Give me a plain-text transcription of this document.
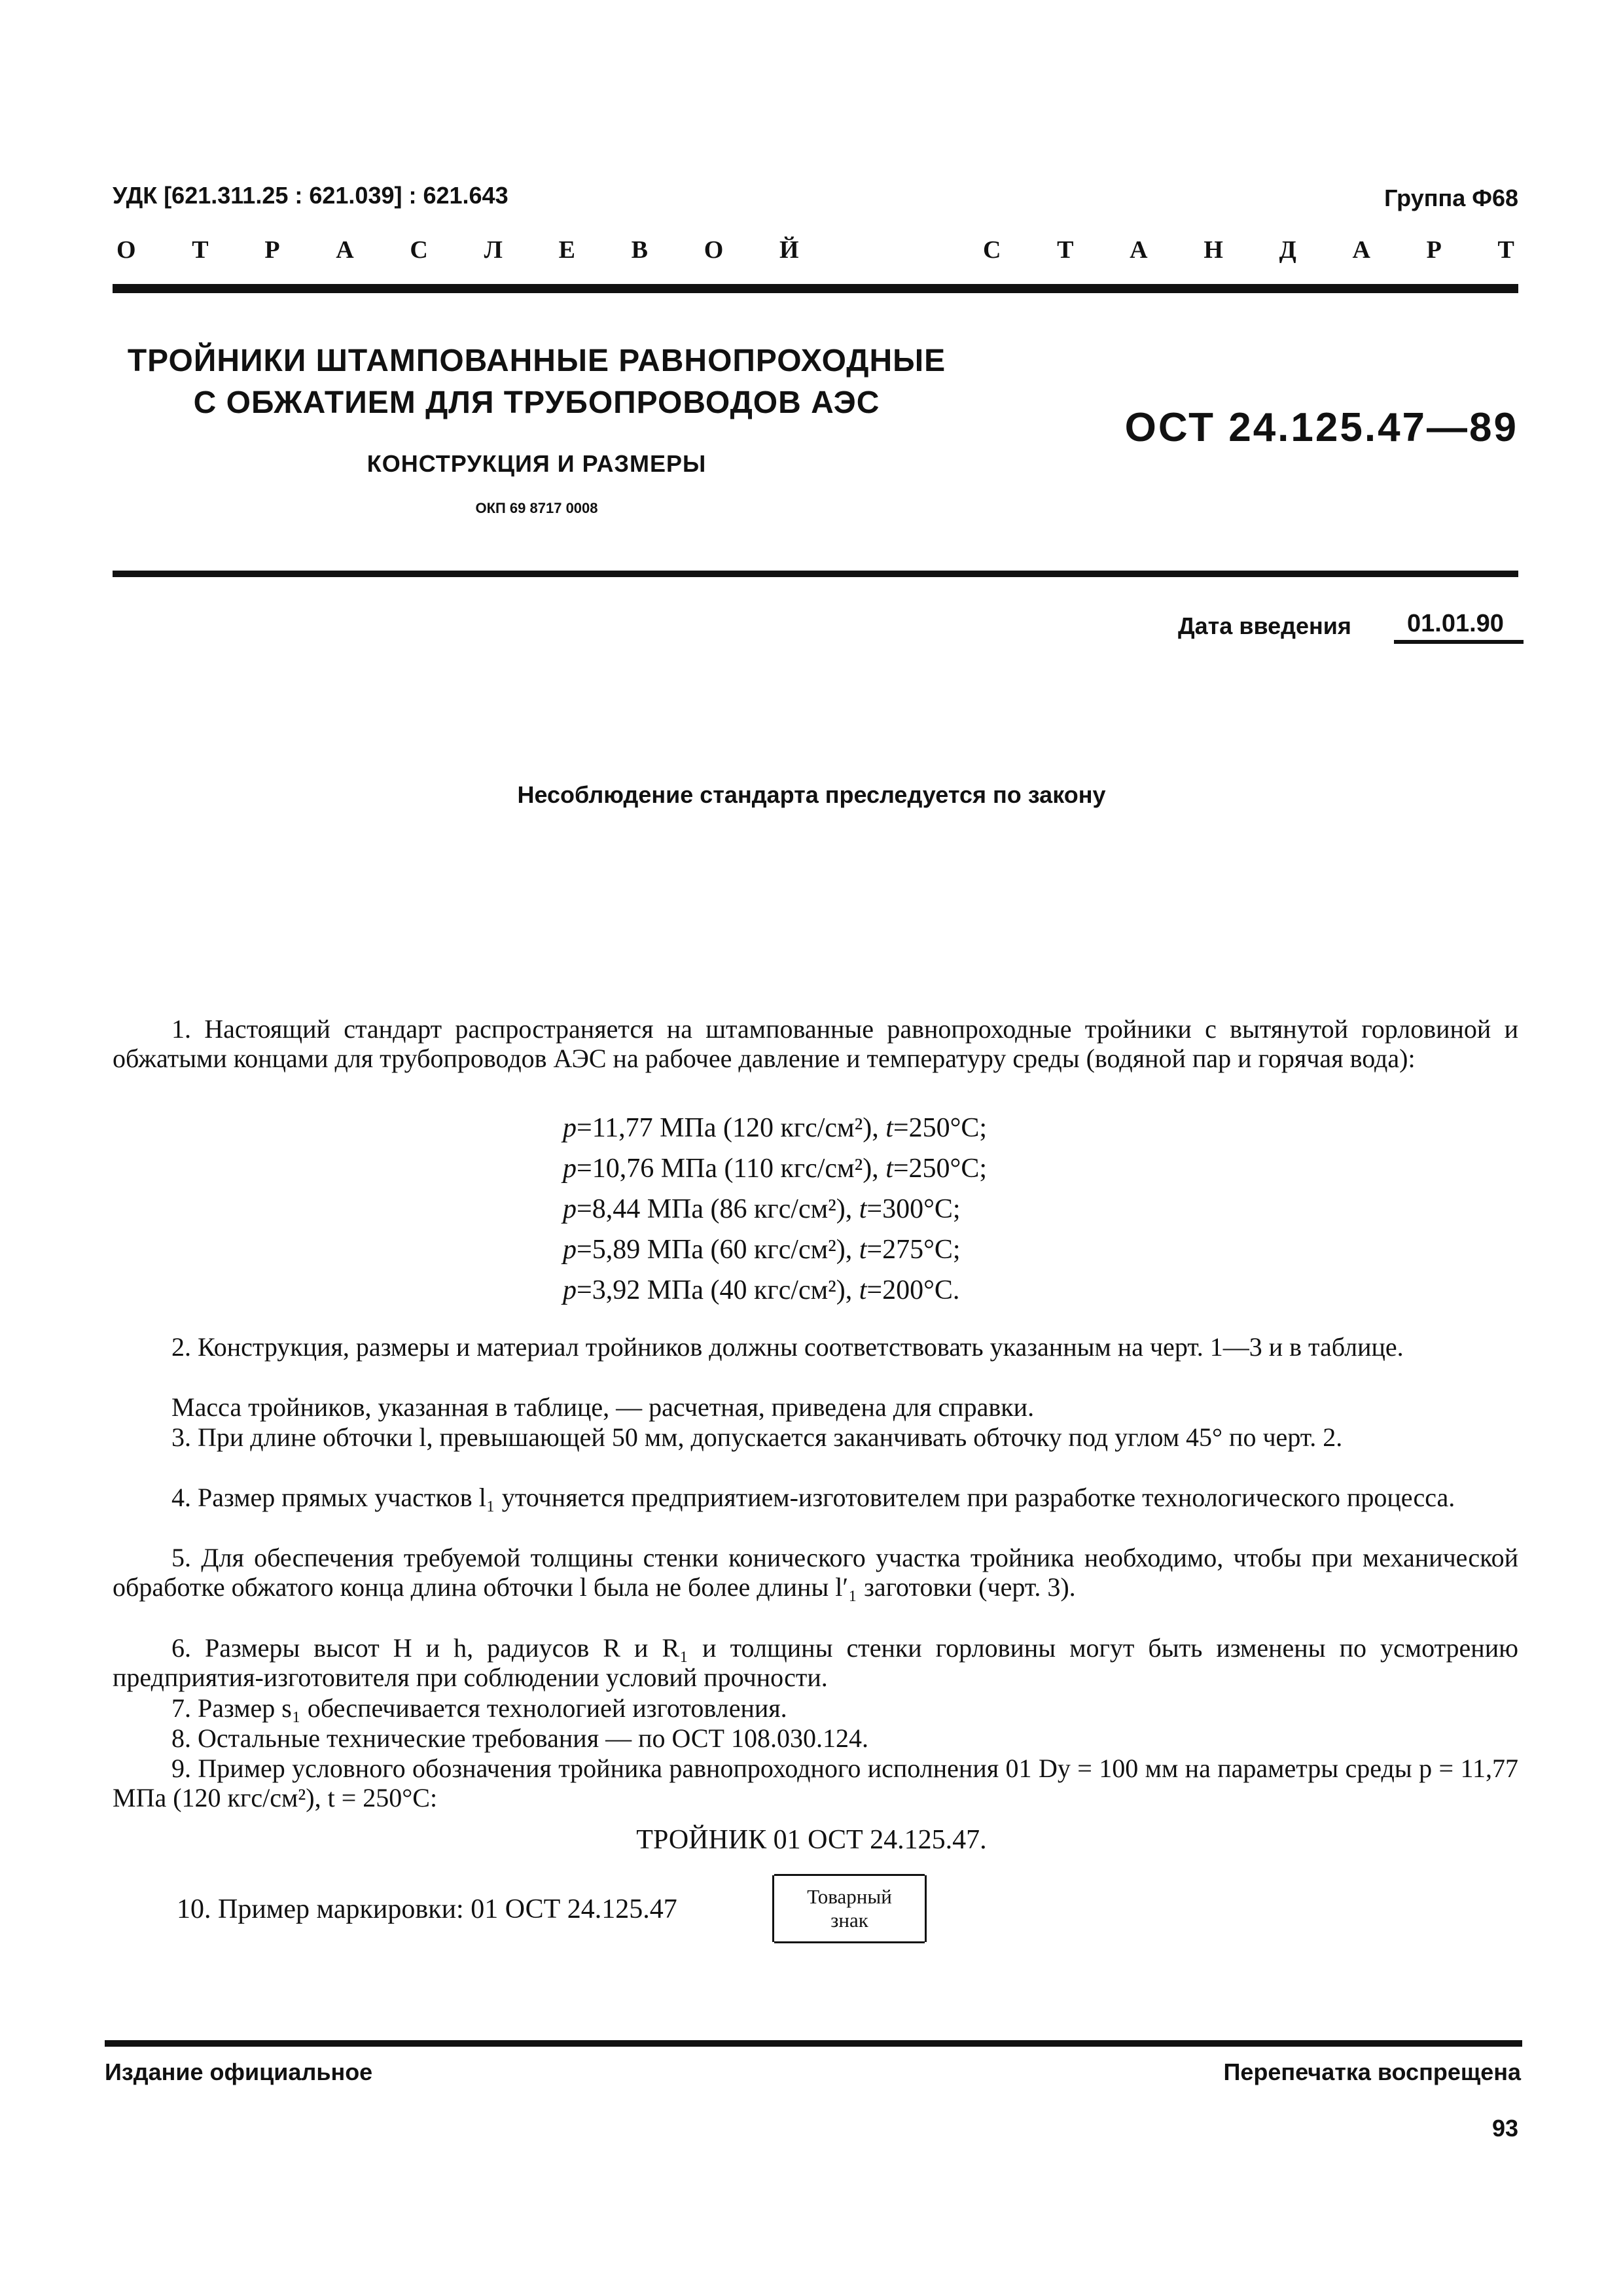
УДК [621.311.25 : 621.039] : 621.643	Группа Ф68
О Т Р А С Л Е В О Й	С Т А Н Д А Р Т
ТРОЙНИКИ ШТАМПОВАННЫЕ РАВНОПРОХОДНЫЕ
С ОБЖАТИЕМ ДЛЯ ТРУБОПРОВОДОВ АЭС
КОНСТРУКЦИЯ И РАЗМЕРЫ
ОКП 69 8717 0008
ОСТ 24.125.47—89
Дата введения 01.01.90
Несоблюдение стандарта преследуется по закону
1. Настоящий стандарт распространяется на штампованные равнопроходные тройники с вытянутой горловиной и обжатыми концами для трубопроводов АЭС на рабочее давление и температуру среды (водяной пар и горячая вода):
p=11,77 МПа (120 кгс/см²), t=250°C;
p=10,76 МПа (110 кгс/см²), t=250°C;
p=8,44 МПа (86 кгс/см²), t=300°C;
p=5,89 МПа (60 кгс/см²), t=275°C;
p=3,92 МПа (40 кгс/см²), t=200°C.
2. Конструкция, размеры и материал тройников должны соответствовать указанным на черт. 1—3 и в таблице.
Масса тройников, указанная в таблице, — расчетная, приведена для справки.
3. При длине обточки l, превышающей 50 мм, допускается заканчивать обточку под углом 45° по черт. 2.
4. Размер прямых участков l₁ уточняется предприятием-изготовителем при разработке технологического процесса.
5. Для обеспечения требуемой толщины стенки конического участка тройника необходимо, чтобы при механической обработке обжатого конца длина обточки l была не более длины l′₁ заготовки (черт. 3).
6. Размеры высот H и h, радиусов R и R₁ и толщины стенки горловины могут быть изменены по усмотрению предприятия-изготовителя при соблюдении условий прочности.
7. Размер s₁ обеспечивается технологией изготовления.
8. Остальные технические требования — по ОСТ 108.030.124.
9. Пример условного обозначения тройника равнопроходного исполнения 01 Dу = 100 мм на параметры среды p = 11,77 МПа (120 кгс/см²), t = 250°C:
ТРОЙНИК 01 ОСТ 24.125.47.
10. Пример маркировки: 01 ОСТ 24.125.47	Товарный
знак
Издание официальное	Перепечатка воспрещена
93
